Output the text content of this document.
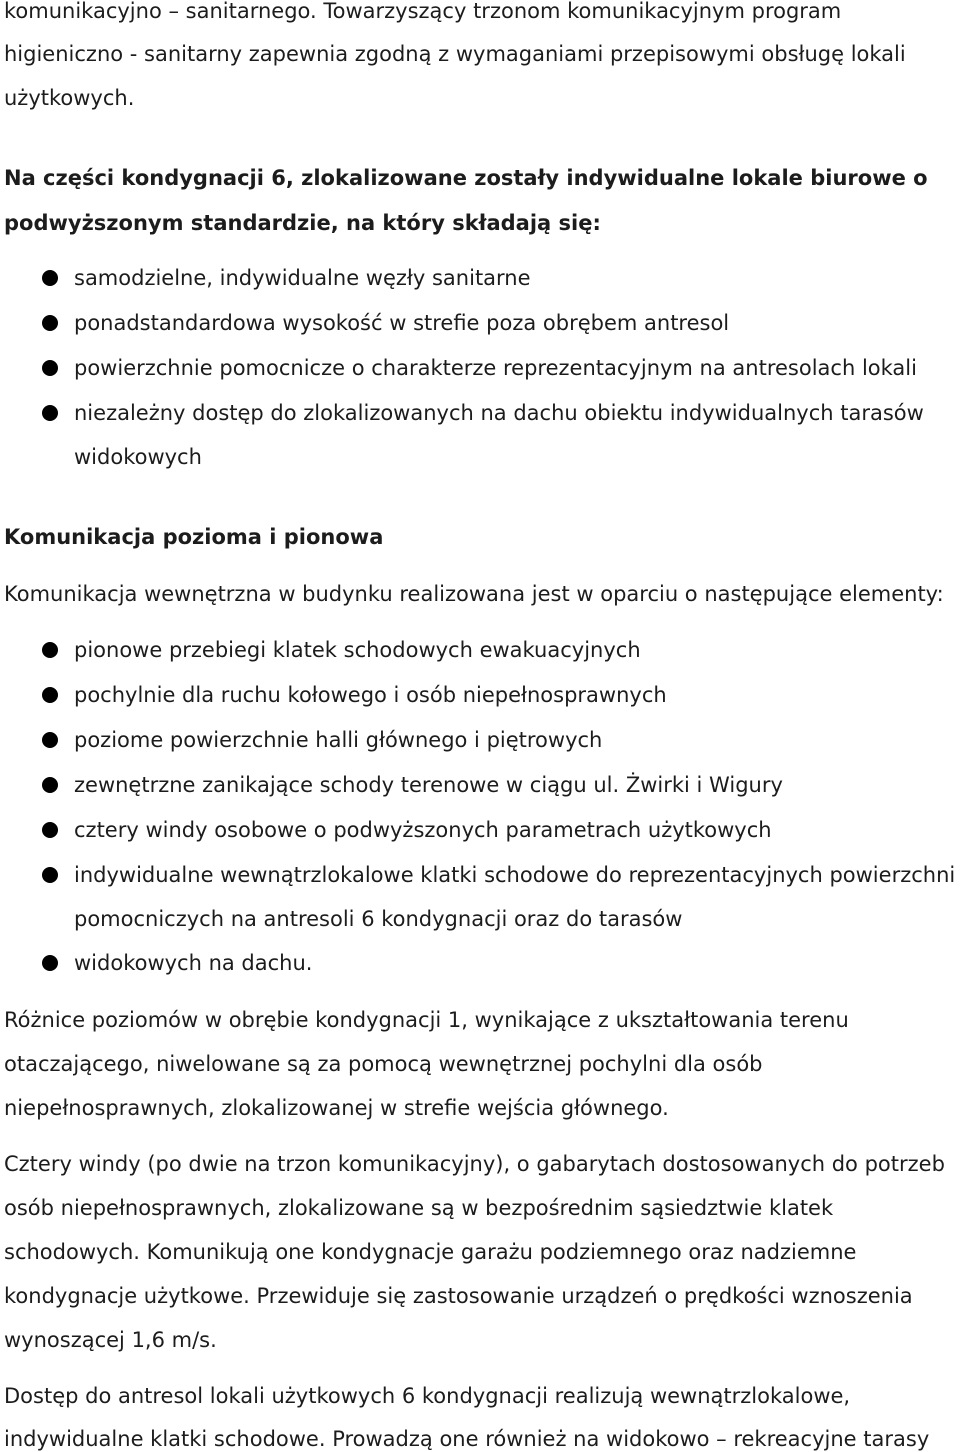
komunikacyjno – sanitarnego. Towarzyszący trzonom komunikacyjnym program
higieniczno - sanitarny zapewnia zgodną z wymaganiami przepisowymi obsługę lokali
użytkowych.
Na części kondygnacji 6, zlokalizowane zostały indywidualne lokale biurowe o
podwyższonym standardzie, na który składają się:
samodzielne, indywidualne węzły sanitarne
ponadstandardowa wysokość w strefie poza obrębem antresol
powierzchnie pomocnicze o charakterze reprezentacyjnym na antresolach lokali
niezależny dostęp do zlokalizowanych na dachu obiektu indywidualnych tarasów
widokowych
Komunikacja pozioma i pionowa
Komunikacja wewnętrzna w budynku realizowana jest w oparciu o następujące elementy:
pionowe przebiegi klatek schodowych ewakuacyjnych
pochylnie dla ruchu kołowego i osób niepełnosprawnych
poziome powierzchnie halli głównego i piętrowych
zewnętrzne zanikające schody terenowe w ciągu ul. Żwirki i Wigury
cztery windy osobowe o podwyższonych parametrach użytkowych
indywidualne wewnątrzlokalowe klatki schodowe do reprezentacyjnych powierzchni
pomocniczych na antresoli 6 kondygnacji oraz do tarasów
widokowych na dachu.
Różnice poziomów w obrębie kondygnacji 1, wynikające z ukształtowania terenu
otaczającego, niwelowane są za pomocą wewnętrznej pochylni dla osób
niepełnosprawnych, zlokalizowanej w strefie wejścia głównego.
Cztery windy (po dwie na trzon komunikacyjny), o gabarytach dostosowanych do potrzeb
osób niepełnosprawnych, zlokalizowane są w bezpośrednim sąsiedztwie klatek
schodowych. Komunikują one kondygnacje garażu podziemnego oraz nadziemne
kondygnacje użytkowe. Przewiduje się zastosowanie urządzeń o prędkości wznoszenia
wynoszącej 1,6 m/s.
Dostęp do antresol lokali użytkowych 6 kondygnacji realizują wewnątrzlokalowe,
indywidualne klatki schodowe. Prowadzą one również na widokowo – rekreacyjne tarasy
